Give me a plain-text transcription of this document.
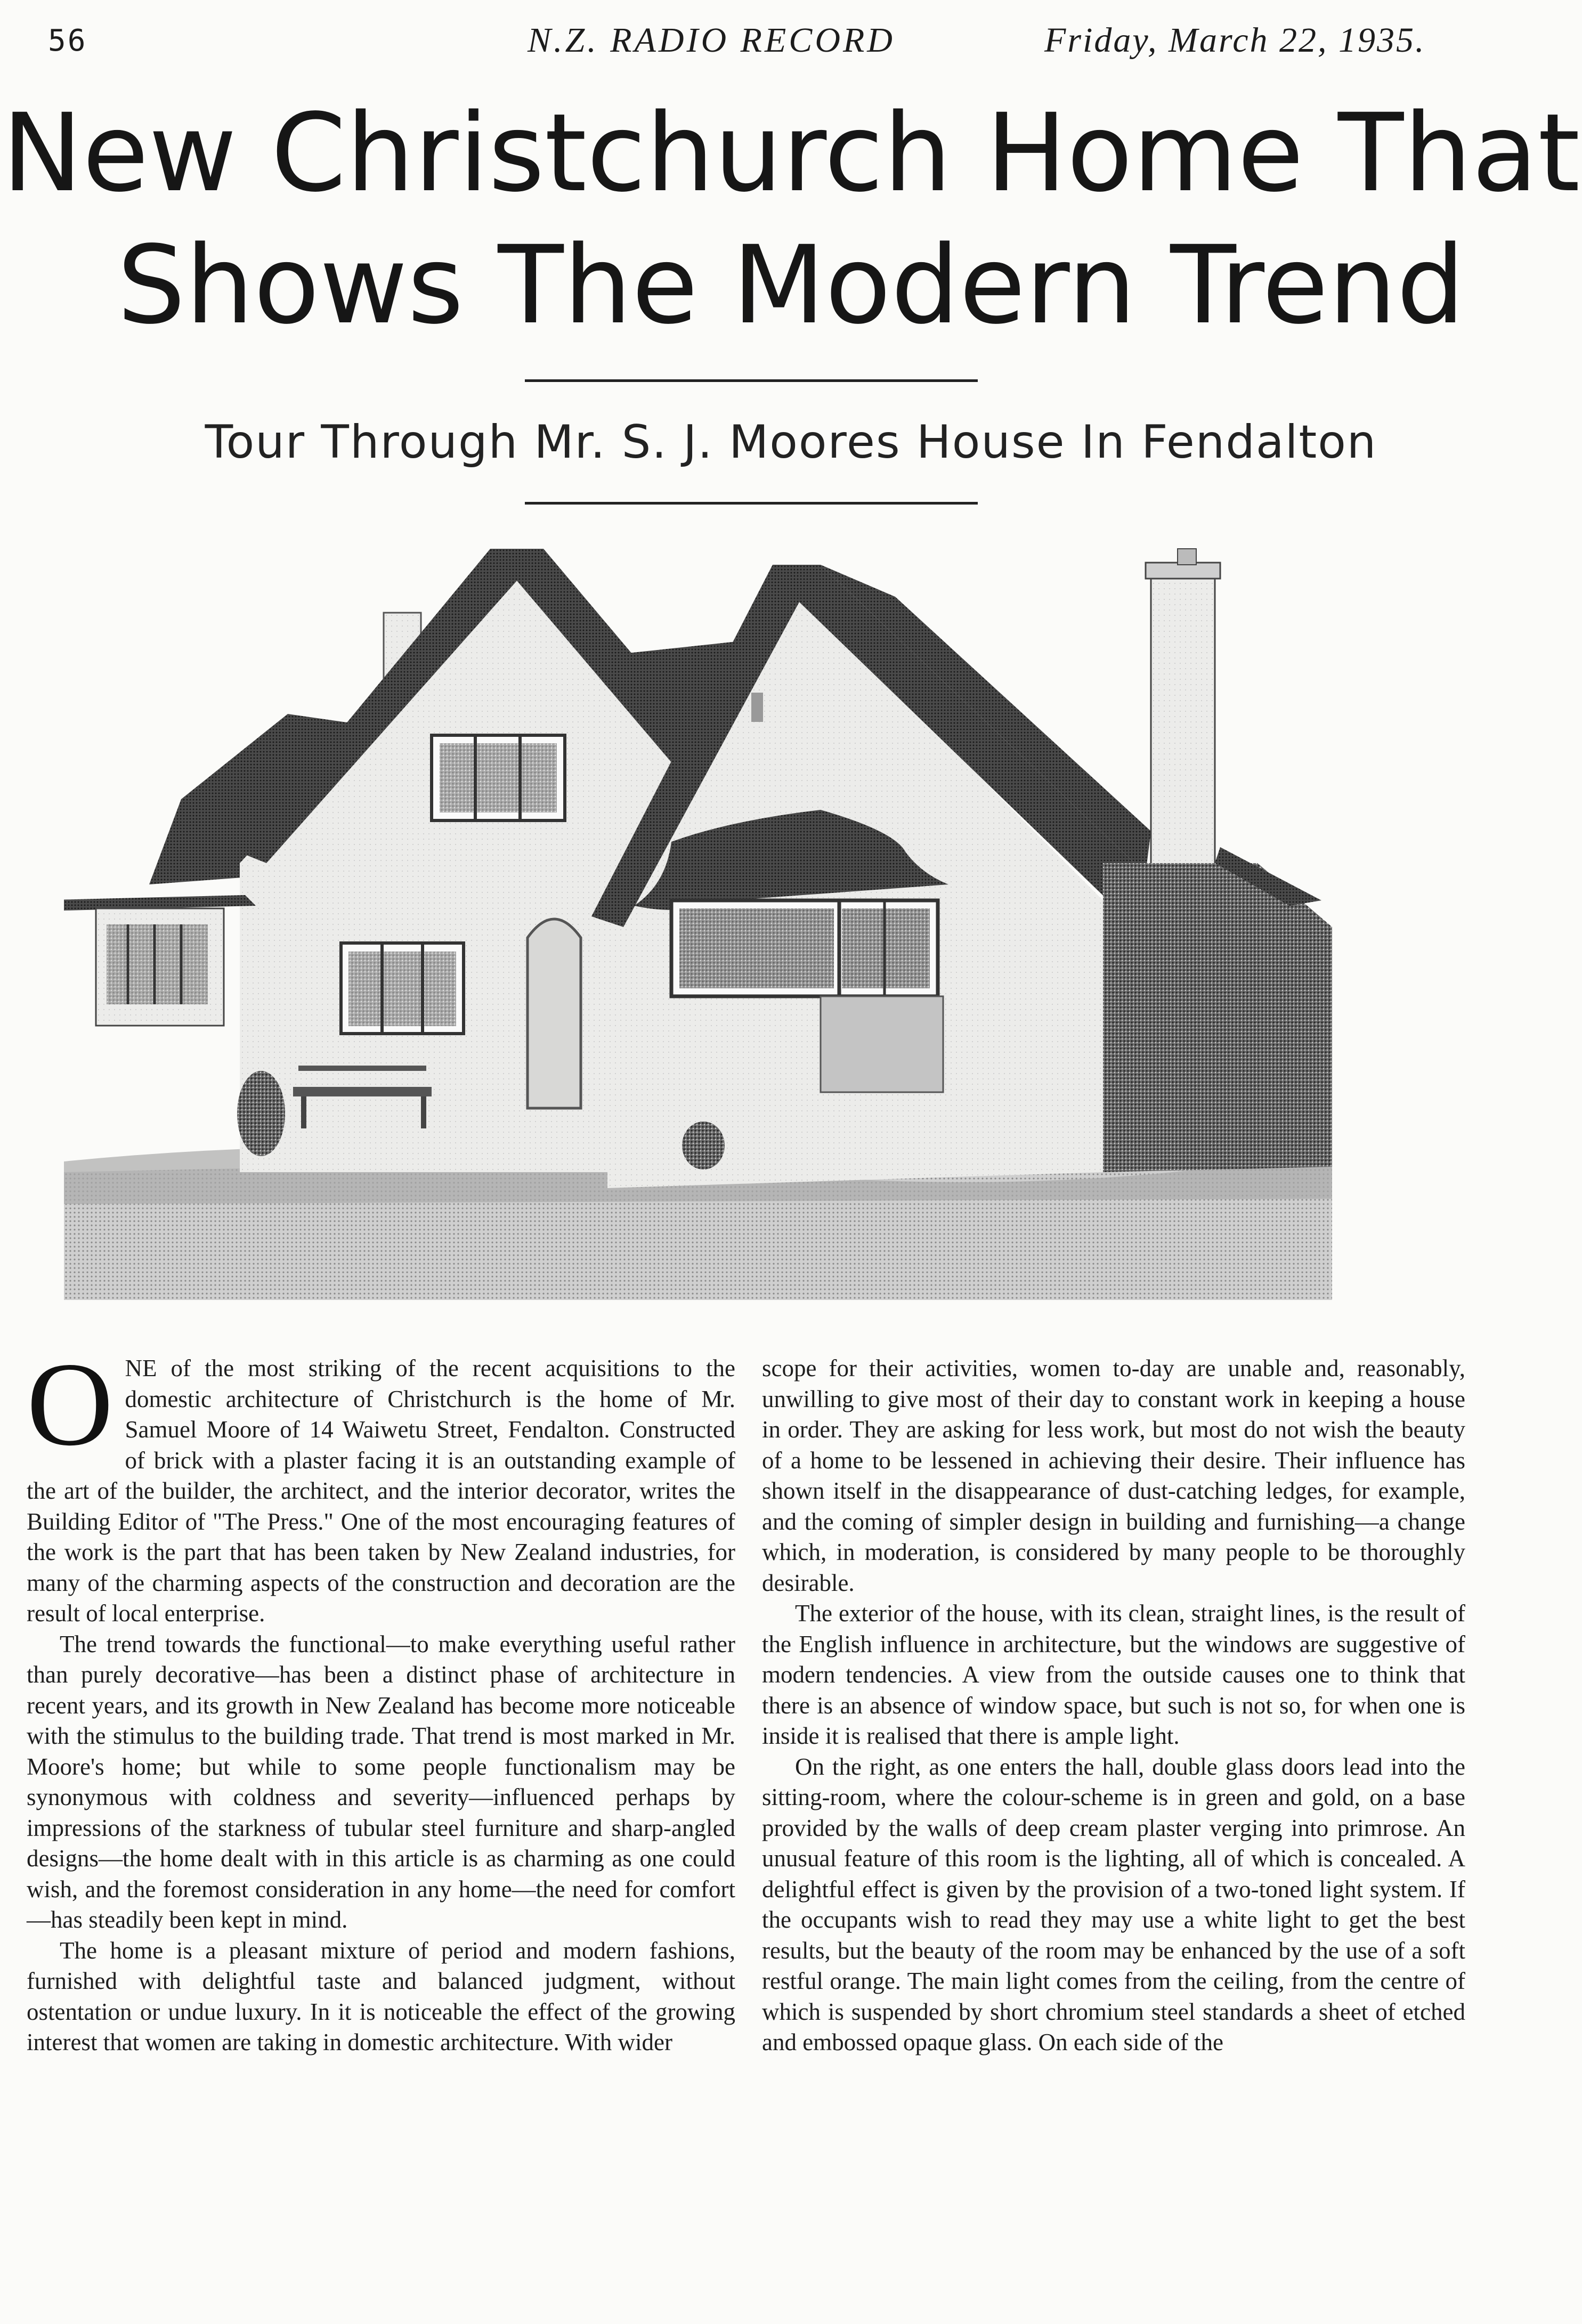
56	N.Z. RADIO RECORD	Friday, March 22, 1935.
New Christchurch Home That
Shows The Modern Trend
Tour Through Mr. S. J. Moores House In Fendalton

ONE of the most striking of the recent acquisitions to the domestic architecture of Christchurch is the home of Mr. Samuel Moore of 14 Waiwetu Street, Fendalton. Constructed of brick with a plaster facing it is an outstanding example of the art of the builder, the architect, and the interior decorator, writes the Building Editor of "The Press." One of the most encouraging features of the work is the part that has been taken by New Zealand industries, for many of the charming aspects of the construction and decoration are the result of local enterprise.

The trend towards the functional—to make everything useful rather than purely decorative—has been a distinct phase of architecture in recent years, and its growth in New Zealand has become more noticeable with the stimulus to the building trade. That trend is most marked in Mr. Moore's home; but while to some people functionalism may be synonymous with coldness and severity—influenced perhaps by impressions of the starkness of tubular steel furniture and sharp-angled designs—the home dealt with in this article is as charming as one could wish, and the foremost consideration in any home—the need for comfort—has steadily been kept in mind.

The home is a pleasant mixture of period and modern fashions, furnished with delightful taste and balanced judgment, without ostentation or undue luxury. In it is noticeable the effect of the growing interest that women are taking in domestic architecture. With wider

scope for their activities, women to-day are unable and, reasonably, unwilling to give most of their day to constant work in keeping a house in order. They are asking for less work, but most do not wish the beauty of a home to be lessened in achieving their desire. Their influence has shown itself in the disappearance of dust-catching ledges, for example, and the coming of simpler design in building and furnishing—a change which, in moderation, is considered by many people to be thoroughly desirable.

The exterior of the house, with its clean, straight lines, is the result of the English influence in architecture, but the windows are suggestive of modern tendencies. A view from the outside causes one to think that there is an absence of window space, but such is not so, for when one is inside it is realised that there is ample light.

On the right, as one enters the hall, double glass doors lead into the sitting-room, where the colour-scheme is in green and gold, on a base provided by the walls of deep cream plaster verging into primrose. An unusual feature of this room is the lighting, all of which is concealed. A delightful effect is given by the provision of a two-toned light system. If the occupants wish to read they may use a white light to get the best results, but the beauty of the room may be enhanced by the use of a soft restful orange. The main light comes from the ceiling, from the centre of which is suspended by short chromium steel standards a sheet of etched and embossed opaque glass. On each side of the
